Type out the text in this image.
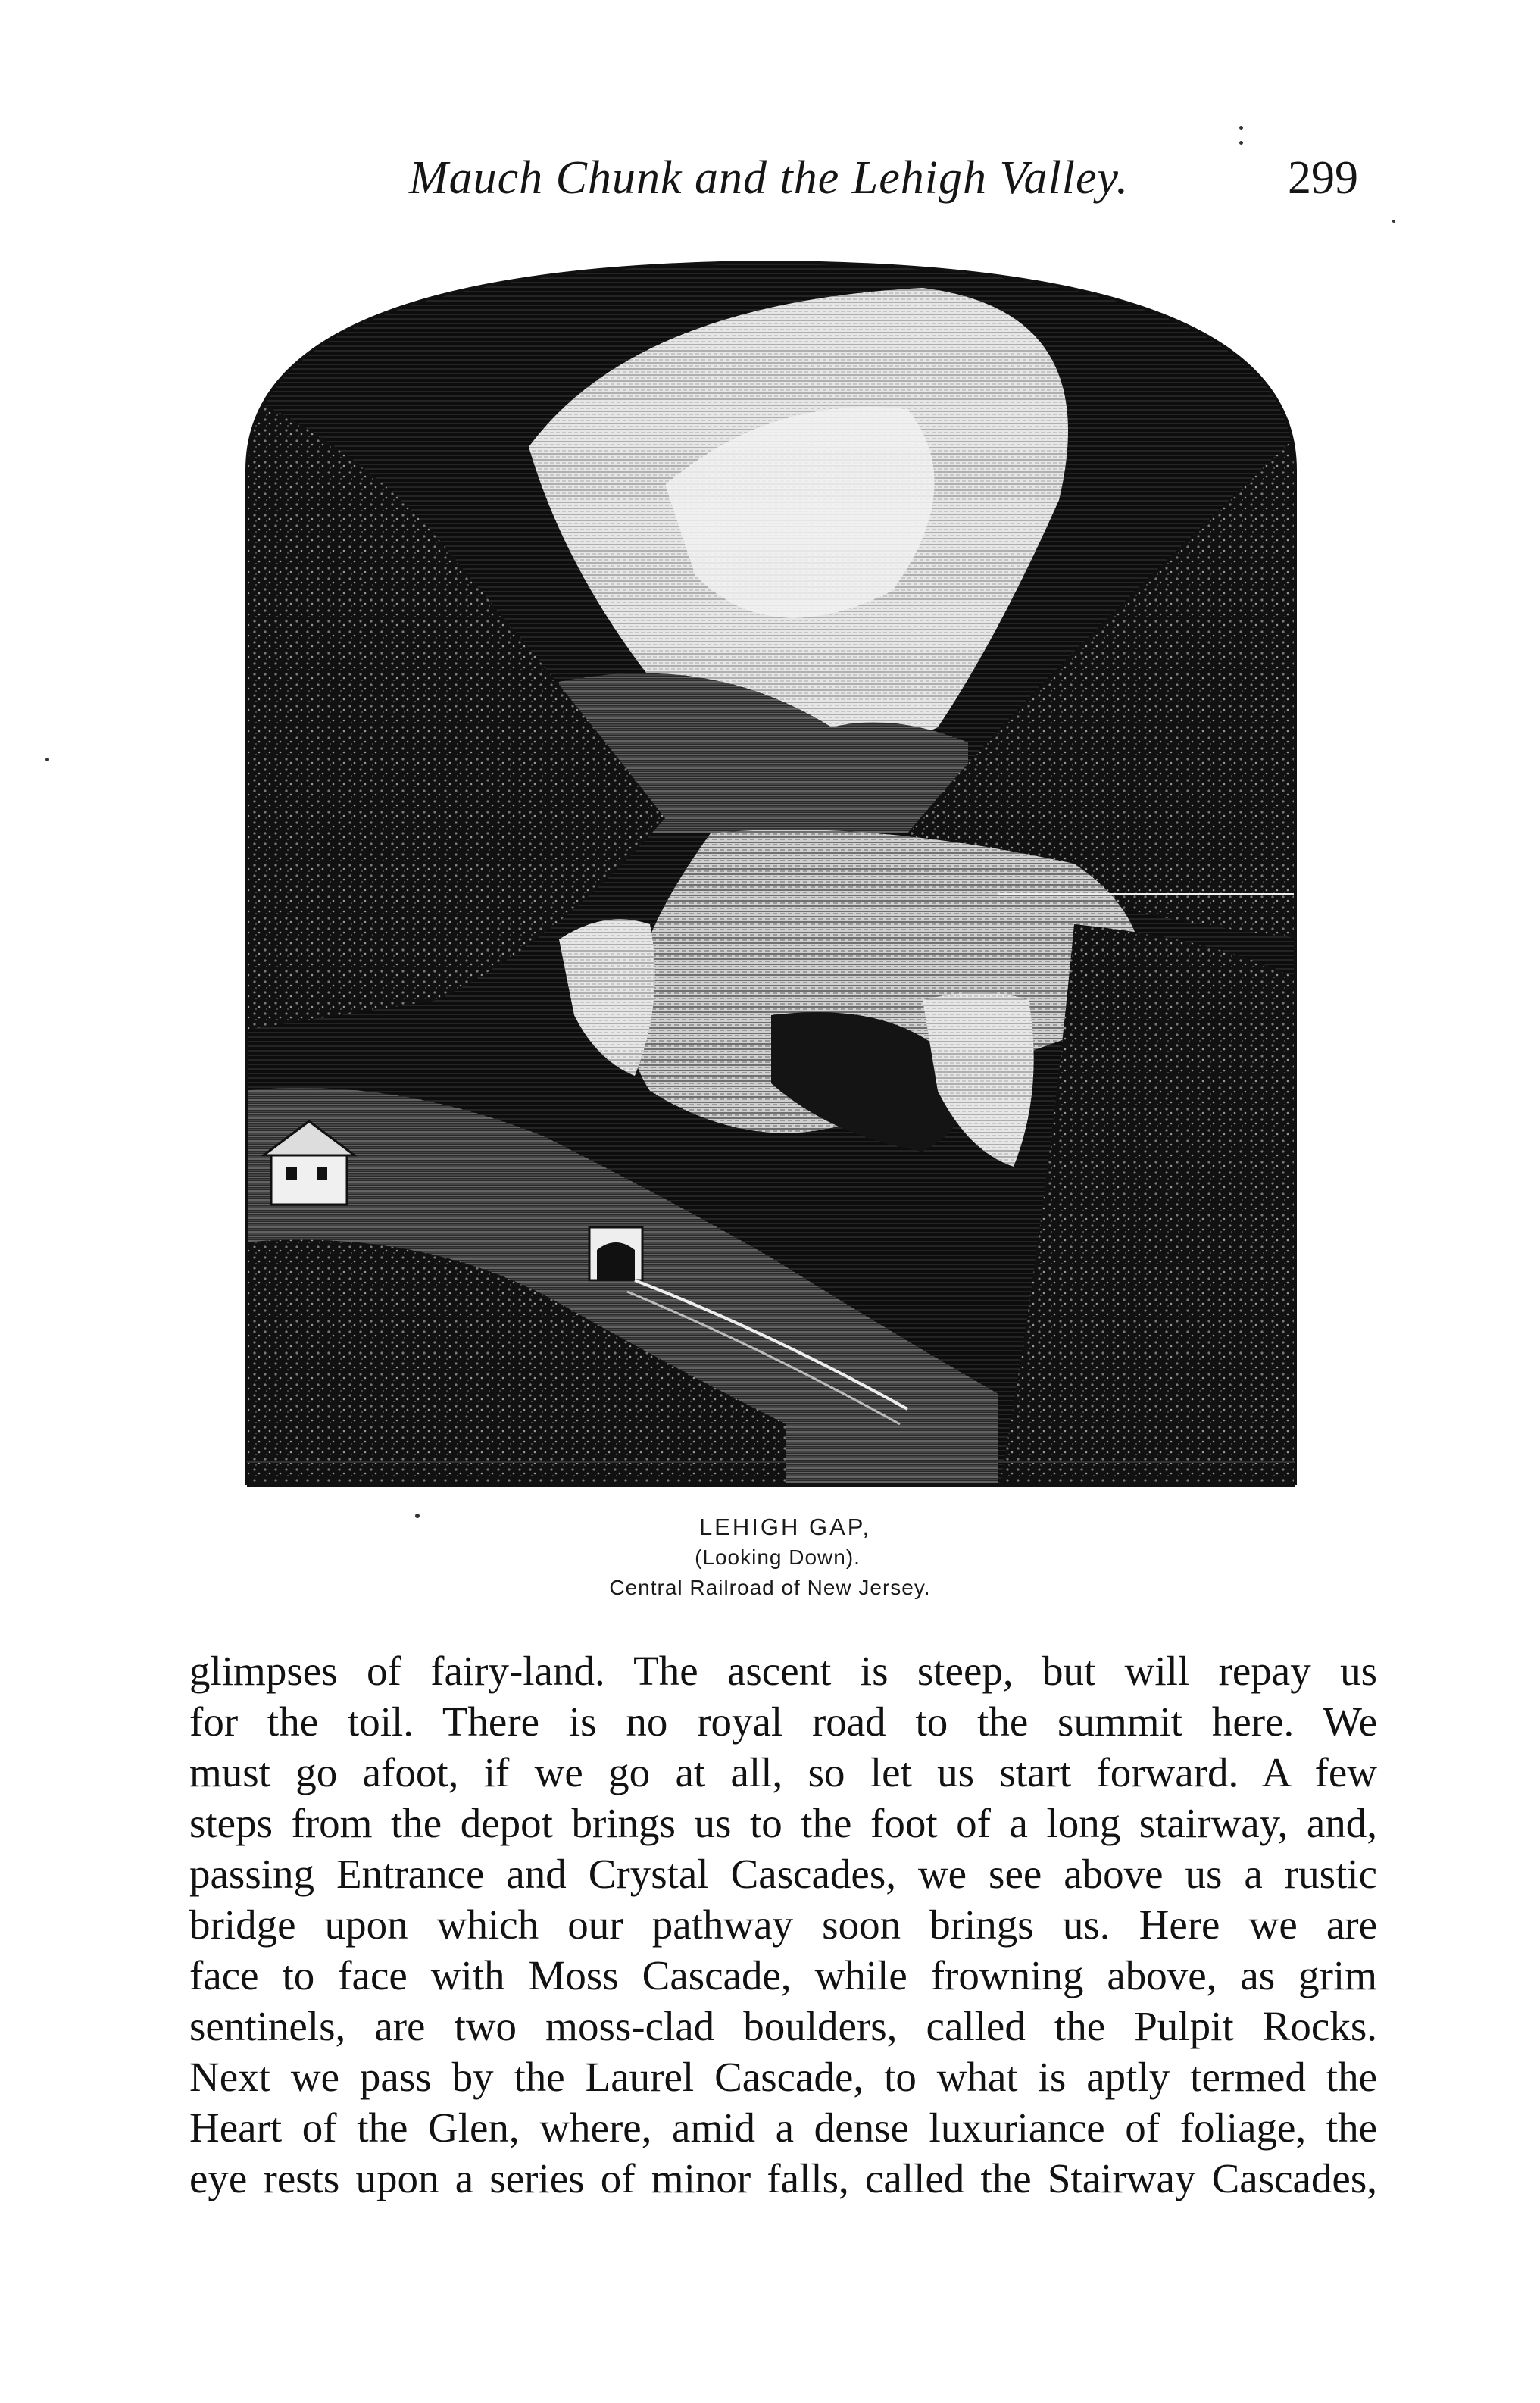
Mauch Chunk and the Lehigh Valley.	299
LEHIGH GAP,
(Looking Down).
Central Railroad of New Jersey.
glimpses of fairy-land. The ascent is steep, but will repay us
for the toil. There is no royal road to the summit here. We
must go afoot, if we go at all, so let us start forward. A few
steps from the depot brings us to the foot of a long stairway, and,
passing Entrance and Crystal Cascades, we see above us a rustic
bridge upon which our pathway soon brings us. Here we are
face to face with Moss Cascade, while frowning above, as grim
sentinels, are two moss-clad boulders, called the Pulpit Rocks.
Next we pass by the Laurel Cascade, to what is aptly termed the
Heart of the Glen, where, amid a dense luxuriance of foliage, the
eye rests upon a series of minor falls, called the Stairway Cascades,
